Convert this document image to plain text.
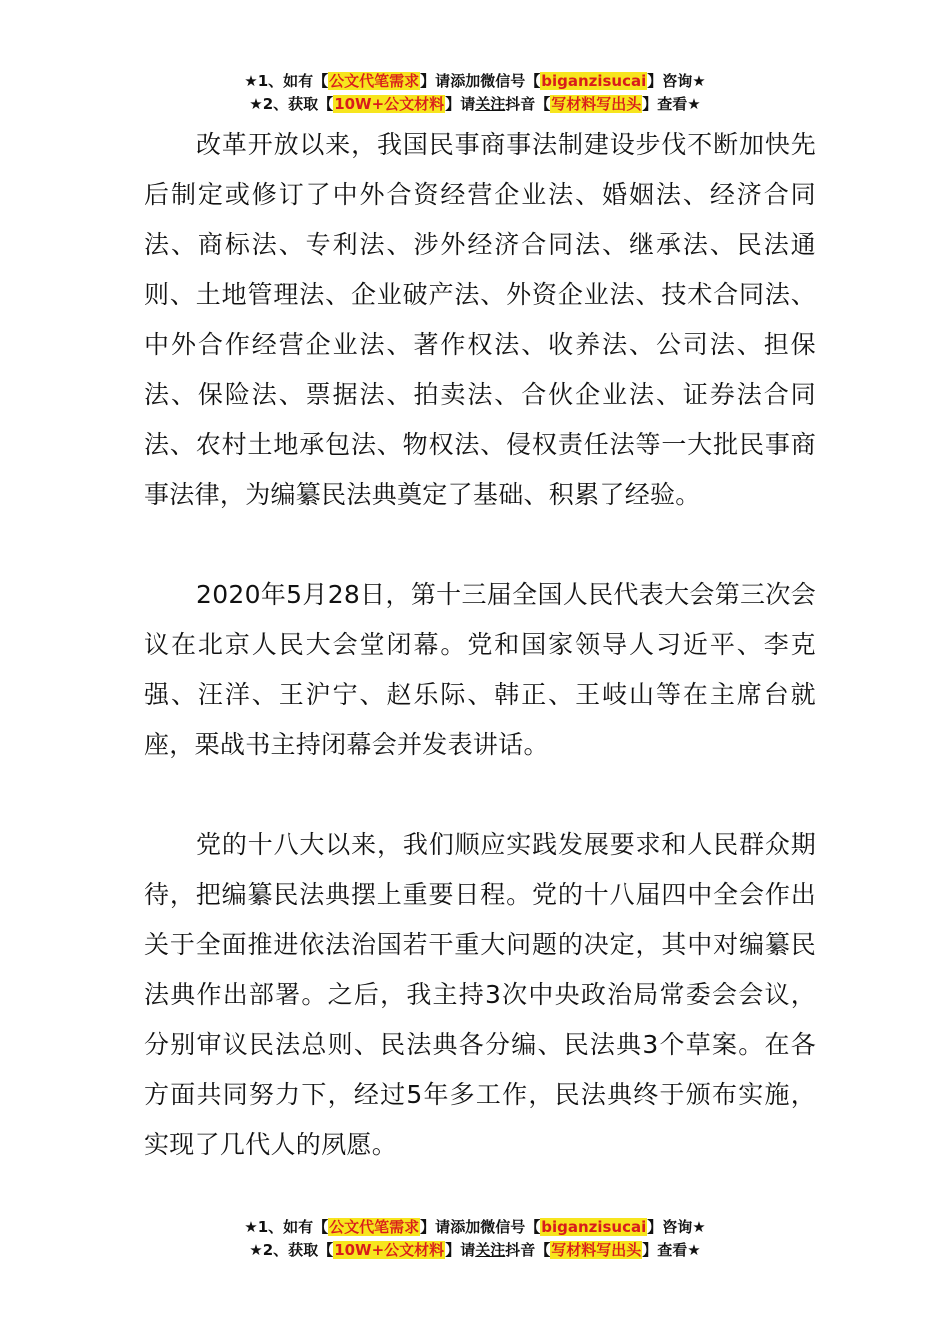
★1、如有【公文代笔需求】请添加微信号【biganzisucai】咨询★
★2、获取【10W+公文材料】请关注抖音【写材料写出头】查看★

改革开放以来，我国民事商事法制建设步伐不断加快先后制定或修订了中外合资经营企业法、婚姻法、经济合同法、商标法、专利法、涉外经济合同法、继承法、民法通则、土地管理法、企业破产法、外资企业法、技术合同法、中外合作经营企业法、著作权法、收养法、公司法、担保法、保险法、票据法、拍卖法、合伙企业法、证券法合同法、农村土地承包法、物权法、侵权责任法等一大批民事商事法律，为编纂民法典奠定了基础、积累了经验。

2020年5月28日，第十三届全国人民代表大会第三次会议在北京人民大会堂闭幕。党和国家领导人习近平、李克强、汪洋、王沪宁、赵乐际、韩正、王岐山等在主席台就座，栗战书主持闭幕会并发表讲话。

党的十八大以来，我们顺应实践发展要求和人民群众期待，把编纂民法典摆上重要日程。党的十八届四中全会作出关于全面推进依法治国若干重大问题的决定，其中对编纂民法典作出部署。之后，我主持3次中央政治局常委会会议，分别审议民法总则、民法典各分编、民法典3个草案。在各方面共同努力下，经过5年多工作，民法典终于颁布实施，实现了几代人的夙愿。

★1、如有【公文代笔需求】请添加微信号【biganzisucai】咨询★
★2、获取【10W+公文材料】请关注抖音【写材料写出头】查看★
